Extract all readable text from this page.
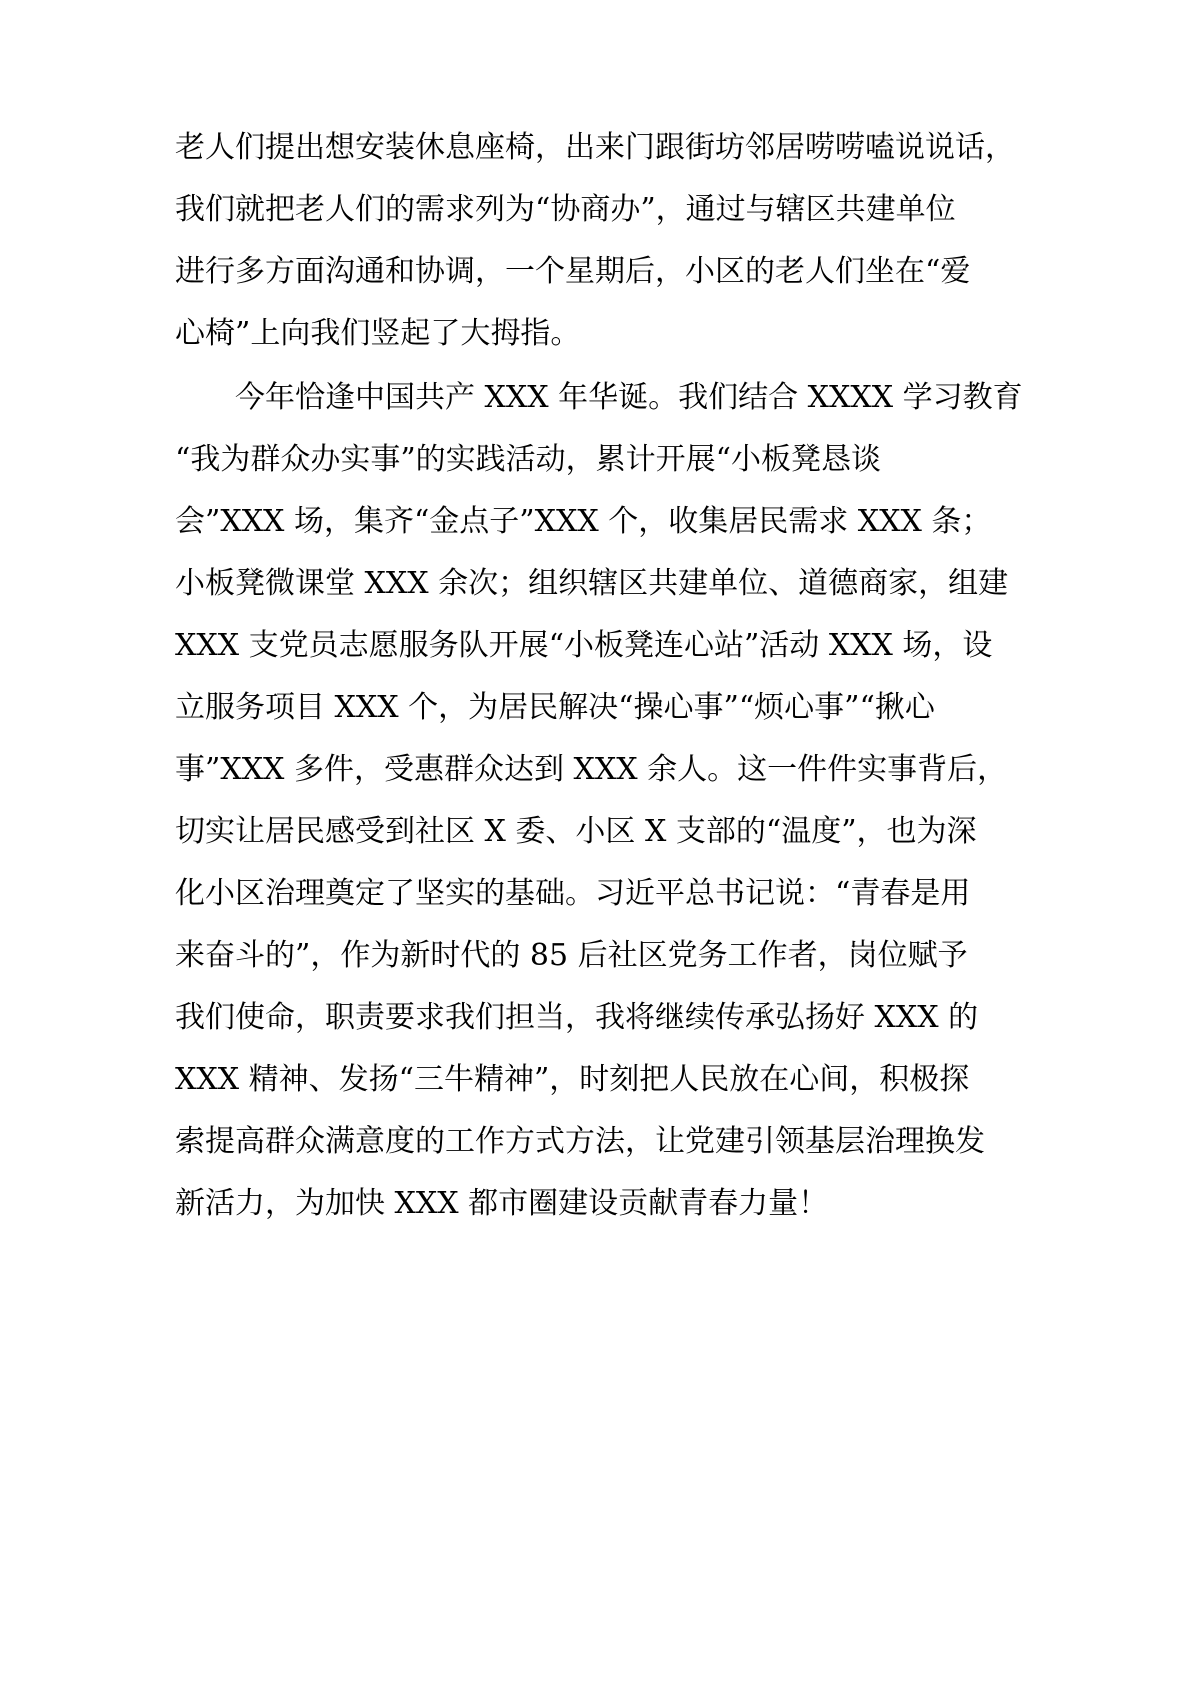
老人们提出想安装休息座椅，出来门跟街坊邻居唠唠嗑说说话，
我们就把老人们的需求列为“协商办”，通过与辖区共建单位
进行多方面沟通和协调，一个星期后，小区的老人们坐在“爱
心椅”上向我们竖起了大拇指。
　　今年恰逢中国共产 XXX 年华诞。我们结合 XXXX 学习教育
“我为群众办实事”的实践活动，累计开展“小板凳恳谈
会”XXX 场，集齐“金点子”XXX 个，收集居民需求 XXX 条；
小板凳微课堂 XXX 余次；组织辖区共建单位、道德商家，组建
XXX 支党员志愿服务队开展“小板凳连心站”活动 XXX 场，设
立服务项目 XXX 个，为居民解决“操心事”“烦心事”“揪心
事”XXX 多件，受惠群众达到 XXX 余人。这一件件实事背后，
切实让居民感受到社区 X 委、小区 X 支部的“温度”，也为深
化小区治理奠定了坚实的基础。习近平总书记说：“青春是用
来奋斗的”，作为新时代的 85 后社区党务工作者，岗位赋予
我们使命，职责要求我们担当，我将继续传承弘扬好 XXX 的
XXX 精神、发扬“三牛精神”，时刻把人民放在心间，积极探
索提高群众满意度的工作方式方法，让党建引领基层治理换发
新活力，为加快 XXX 都市圈建设贡献青春力量！
